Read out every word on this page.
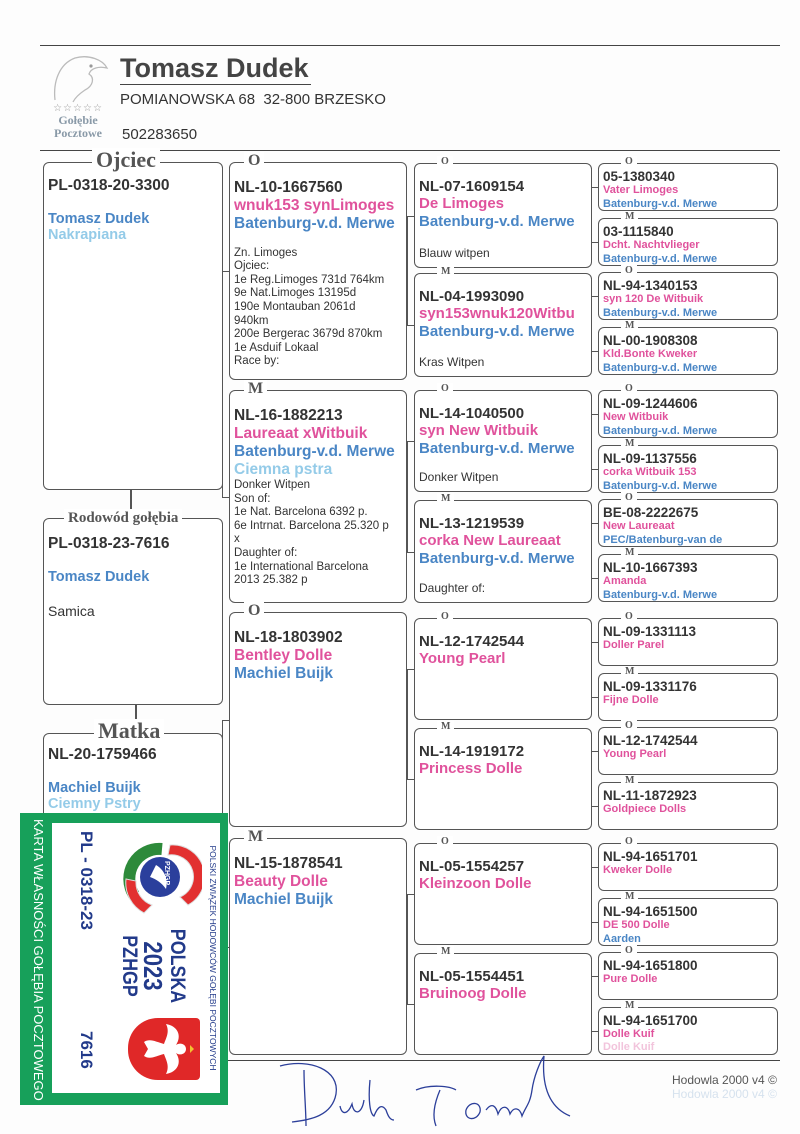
☆☆☆☆☆
Gołębie
Pocztowe
Tomasz Dudek
POMIANOWSKA 68  32-800 BRZESKO
502283650
Ojciec
PL-0318-20-3300
Tomasz Dudek
Nakrapiana
Rodowód gołębia
PL-0318-23-7616
Tomasz Dudek
Samica
Matka
NL-20-1759466
Machiel Buijk
Ciemny Pstry
O
NL-10-1667560
wnuk153 synLimoges
Batenburg-v.d. Merwe

Zn. Limoges
Ojciec:
1e Reg.Limoges 731d 764km
9e Nat.Limoges 13195d
190e Montauban 2061d
940km
200e Bergerac 3679d 870km
1e Asduif Lokaal
Race by:
M
NL-16-1882213
Laureaat xWitbuik
Batenburg-v.d. Merwe
Ciemna pstra
Donker Witpen
Son of:
1e Nat. Barcelona 6392 p.
6e Intrnat. Barcelona 25.320 p
x
Daughter of:
1e International Barcelona
2013 25.382 p
O
NL-18-1803902
Bentley Dolle
Machiel Buijk
M
NL-15-1878541
Beauty Dolle
Machiel Buijk
O
NL-07-1609154
De Limoges
Batenburg-v.d. Merwe
Blauw witpen
M
NL-04-1993090
syn153wnuk120Witbu
Batenburg-v.d. Merwe
Kras Witpen
O
NL-14-1040500
syn New Witbuik
Batenburg-v.d. Merwe
Donker Witpen
M
NL-13-1219539
corka New Laureaat
Batenburg-v.d. Merwe
Daughter of:
O
NL-12-1742544
Young Pearl
M
NL-14-1919172
Princess Dolle
O
NL-05-1554257
Kleinzoon Dolle
M
NL-05-1554451
Bruinoog Dolle
O
05-1380340
Vater Limoges
Batenburg-v.d. Merwe
M
03-1115840
Dcht. Nachtvlieger
Batenburg-v.d. Merwe
O
NL-94-1340153
syn 120 De Witbuik
Batenburg-v.d. Merwe
M
NL-00-1908308
Kld.Bonte Kweker
Batenburg-v.d. Merwe
O
NL-09-1244606
New Witbuik
Batenburg-v.d. Merwe
M
NL-09-1137556
corka Witbuik 153
Batenburg-v.d. Merwe
O
BE-08-2222675
New Laureaat
PEC/Batenburg-van de
M
NL-10-1667393
Amanda
Batenburg-v.d. Merwe
O
NL-09-1331113
Doller Parel
M
NL-09-1331176
Fijne Dolle
O
NL-12-1742544
Young Pearl
M
NL-11-1872923
Goldpiece Dolls
O
NL-94-1651701
Kweker Dolle
M
NL-94-1651500
DE 500 Dolle
Aarden
O
NL-94-1651800
Pure Dolle
M
NL-94-1651700
Dolle Kuif
Dolle Kuif
Hodowla 2000 v4 ©
Hodowla 2000 v4 ©
POLSKI ZWIĄZEK HODOWCÓW GOŁĘBI POCZTOWYCH
PZHGP
POLSKA
2023
PZHGP
PL - 0318-23
7616
KARTA WŁASNOŚCI GOŁĘBIA POCZTOWEGO
